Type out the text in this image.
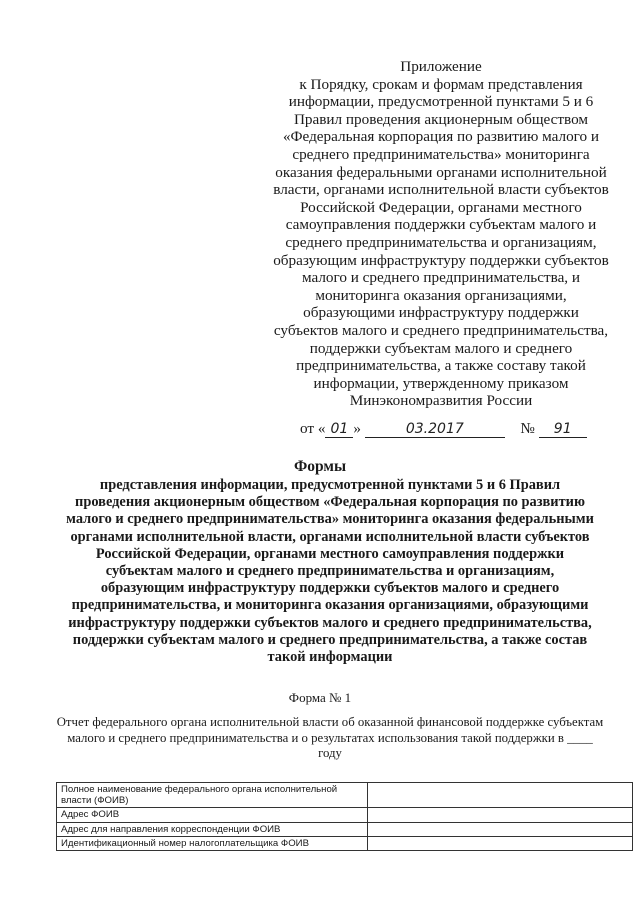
Приложение
к Порядку, срокам и формам представления
информации, предусмотренной пунктами 5 и 6
Правил проведения акционерным обществом
«Федеральная корпорация по развитию малого и
среднего предпринимательства» мониторинга
оказания федеральными органами исполнительной
власти, органами исполнительной власти субъектов
Российской Федерации, органами местного
самоуправления поддержки субъектам малого и
среднего предпринимательства и организациям,
образующим инфраструктуру поддержки субъектов
малого и среднего предпринимательства, и
мониторинга оказания организациями,
образующими инфраструктуру поддержки
субъектов малого и среднего предпринимательства,
поддержки субъектам малого и среднего
предпринимательства, а также составу такой
информации, утвержденному приказом
Минэкономразвития России
от « 01 »	03.2017	№ 91
Формы
представления информации, предусмотренной пунктами 5 и 6 Правил
проведения акционерным обществом «Федеральная корпорация по развитию
малого и среднего предпринимательства» мониторинга оказания федеральными
органами исполнительной власти, органами исполнительной власти субъектов
Российской Федерации, органами местного самоуправления поддержки
субъектам малого и среднего предпринимательства и организациям,
образующим инфраструктуру поддержки субъектов малого и среднего
предпринимательства, и мониторинга оказания организациями, образующими
инфраструктуру поддержки субъектов малого и среднего предпринимательства,
поддержки субъектам малого и среднего предпринимательства, а также состав
такой информации
Форма № 1
Отчет федерального органа исполнительной власти об оказанной финансовой поддержке субъектам
малого и среднего предпринимательства и о результатах использования такой поддержки в ____
году
Полное наименование федерального органа исполнительной власти (ФОИВ)	
Адрес ФОИВ	
Адрес для направления корреспонденции ФОИВ	
Идентификационный номер налогоплательщика ФОИВ	
